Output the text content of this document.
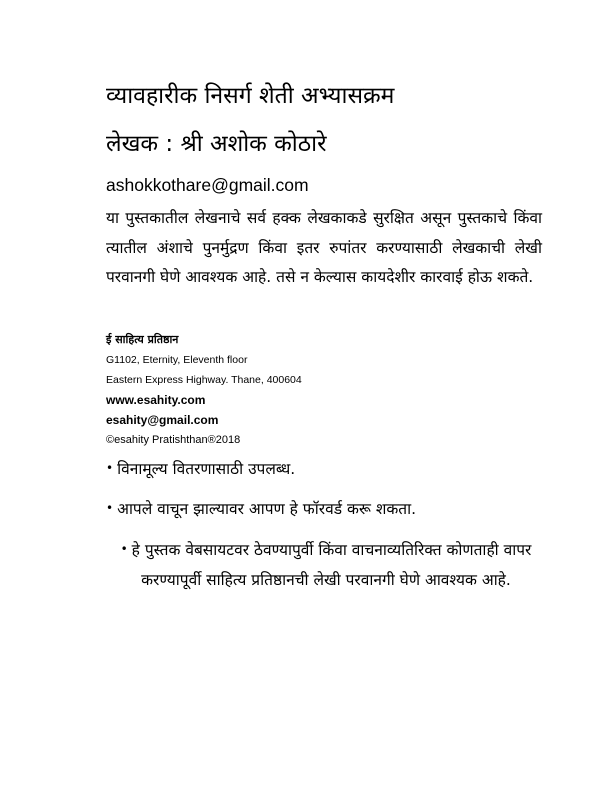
व्यावहारीक निसर्ग शेती अभ्यासक्रम
लेखक : श्री अशोक कोठारे
ashokkothare@gmail.com
या पुस्तकातील लेखनाचे सर्व हक्क लेखकाकडे सुरक्षित असून पुस्तकाचे किंवा त्यातील अंशाचे पुनर्मुद्रण किंवा इतर रुपांतर करण्यासाठी लेखकाची लेखी परवानगी घेणे आवश्यक आहे. तसे न केल्यास कायदेशीर कारवाई होऊ शकते.
ई साहित्य प्रतिष्ठान
G1102, Eternity, Eleventh floor
Eastern Express Highway. Thane, 400604
www.esahity.com
esahity@gmail.com
©esahity Pratishthan®2018
• विनामूल्य वितरणासाठी उपलब्ध.
• आपले वाचून झाल्यावर आपण हे फॉरवर्ड करू शकता.
• हे पुस्तक वेबसायटवर ठेवण्यापुर्वी किंवा वाचनाव्यतिरिक्त कोणताही वापर करण्यापूर्वी साहित्य प्रतिष्ठानची लेखी परवानगी घेणे आवश्यक आहे.
